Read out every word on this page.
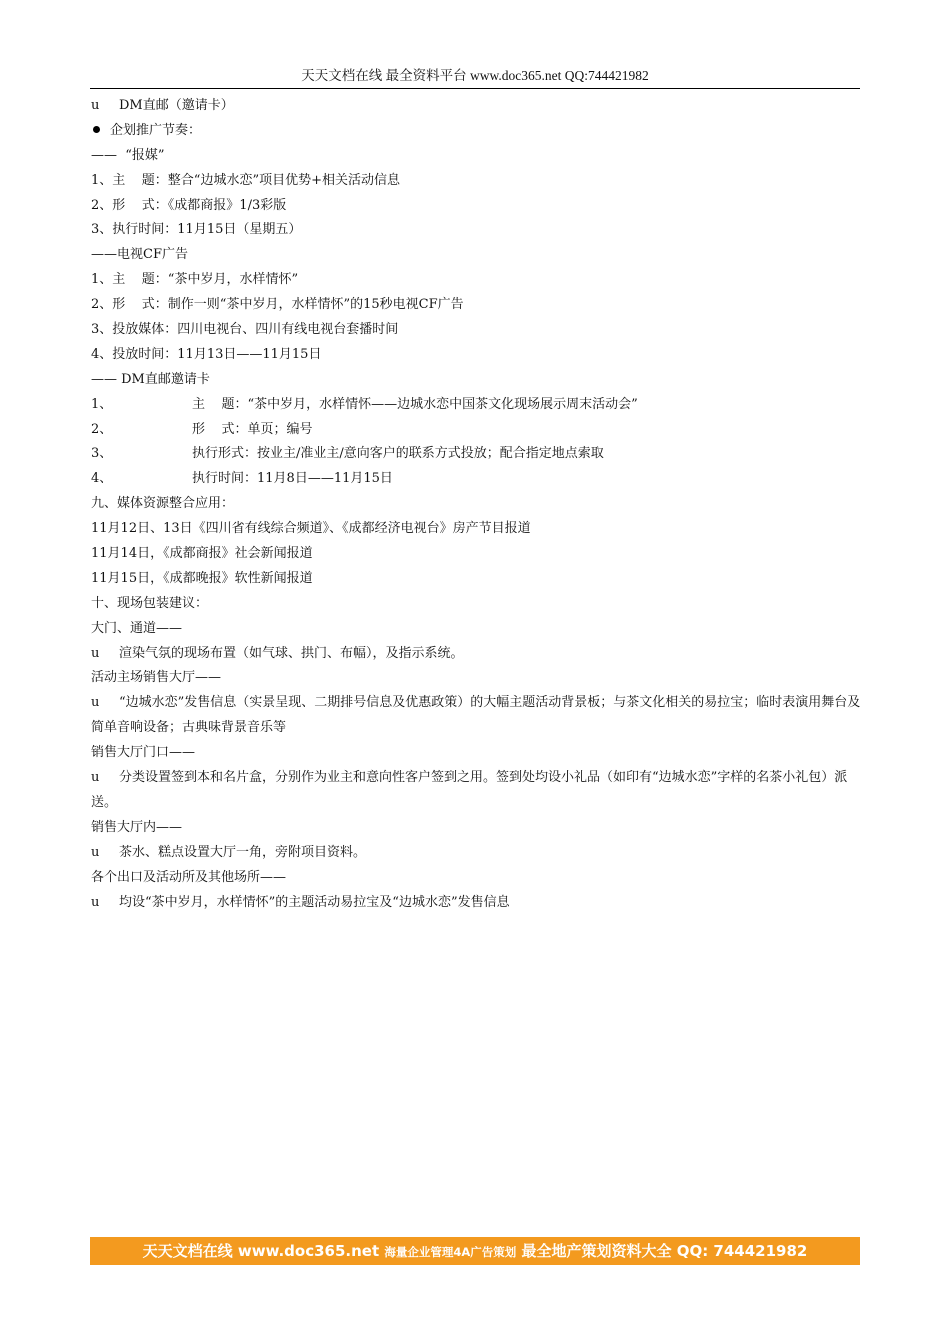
天天文档在线 最全资料平台 www.doc365.net QQ:744421982
u DM直邮（邀请卡）
企划推广节奏：
——  “报媒”
1、主    题：整合“边城水恋”项目优势+相关活动信息
2、形    式：《成都商报》1/3彩版
3、执行时间：11月15日（星期五）
——电视CF广告
1、主    题：“茶中岁月，水样情怀”
2、形    式：制作一则“茶中岁月，水样情怀”的15秒电视CF广告
3、投放媒体：四川电视台、四川有线电视台套播时间
4、投放时间：11月13日——11月15日
—— DM直邮邀请卡
1、	主    题：“茶中岁月，水样情怀——边城水恋中国茶文化现场展示周末活动会”
2、	形    式：单页；编号
3、	执行形式：按业主/准业主/意向客户的联系方式投放；配合指定地点索取
4、	执行时间：11月8日——11月15日
九、媒体资源整合应用：
11月12日、13日《四川省有线综合频道》、《成都经济电视台》房产节目报道
11月14日，《成都商报》社会新闻报道
11月15日，《成都晚报》软性新闻报道
十、现场包装建议：
大门、通道——
u 渲染气氛的现场布置（如气球、拱门、布幅），及指示系统。
活动主场销售大厅——
u “边城水恋”发售信息（实景呈现、二期排号信息及优惠政策）的大幅主题活动背景板；与茶文化相关的易拉宝；临时表演用舞台及简单音响设备；古典味背景音乐等
销售大厅门口——
u 分类设置签到本和名片盒，分别作为业主和意向性客户签到之用。签到处均设小礼品（如印有“边城水恋”字样的名茶小礼包）派送。
销售大厅内——
u 茶水、糕点设置大厅一角，旁附项目资料。
各个出口及活动所及其他场所——
u 均设“茶中岁月，水样情怀”的主题活动易拉宝及“边城水恋”发售信息
天天文档在线 www.doc365.net 海量企业管理4A广告策划 最全地产策划资料大全 QQ: 744421982
